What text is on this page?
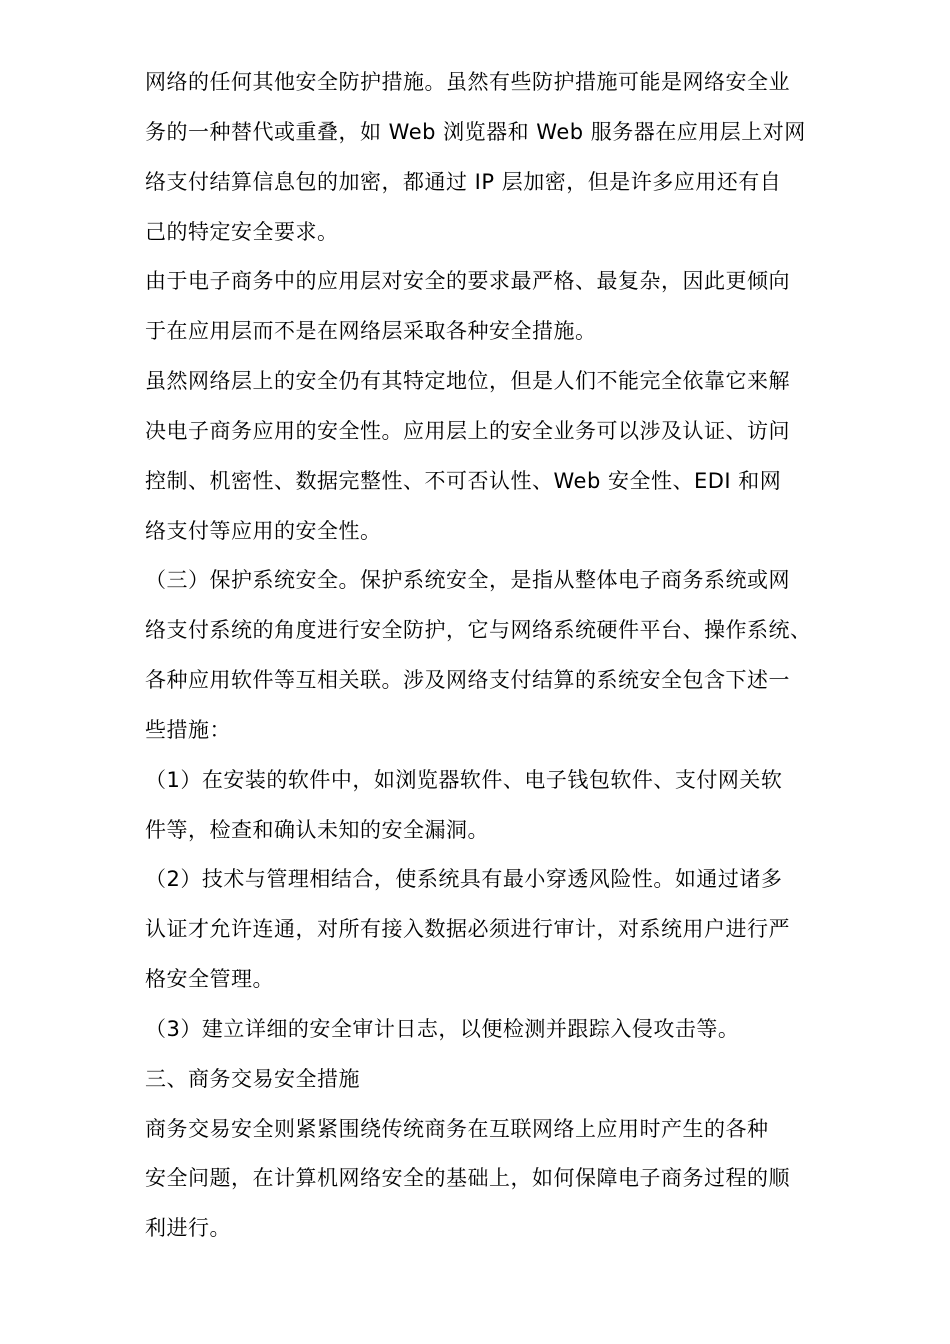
网络的任何其他安全防护措施。虽然有些防护措施可能是网络安全业
务的一种替代或重叠，如 Web 浏览器和 Web 服务器在应用层上对网
络支付结算信息包的加密，都通过 IP 层加密，但是许多应用还有自
己的特定安全要求。
由于电子商务中的应用层对安全的要求最严格、最复杂，因此更倾向
于在应用层而不是在网络层采取各种安全措施。
虽然网络层上的安全仍有其特定地位，但是人们不能完全依靠它来解
决电子商务应用的安全性。应用层上的安全业务可以涉及认证、访问
控制、机密性、数据完整性、不可否认性、Web 安全性、EDI 和网
络支付等应用的安全性。
（三）保护系统安全。保护系统安全，是指从整体电子商务系统或网
络支付系统的角度进行安全防护，它与网络系统硬件平台、操作系统、
各种应用软件等互相关联。涉及网络支付结算的系统安全包含下述一
些措施：
（1）在安装的软件中，如浏览器软件、电子钱包软件、支付网关软
件等，检查和确认未知的安全漏洞。
（2）技术与管理相结合，使系统具有最小穿透风险性。如通过诸多
认证才允许连通，对所有接入数据必须进行审计，对系统用户进行严
格安全管理。
（3）建立详细的安全审计日志，以便检测并跟踪入侵攻击等。
三、商务交易安全措施
商务交易安全则紧紧围绕传统商务在互联网络上应用时产生的各种
安全问题，在计算机网络安全的基础上，如何保障电子商务过程的顺
利进行。
